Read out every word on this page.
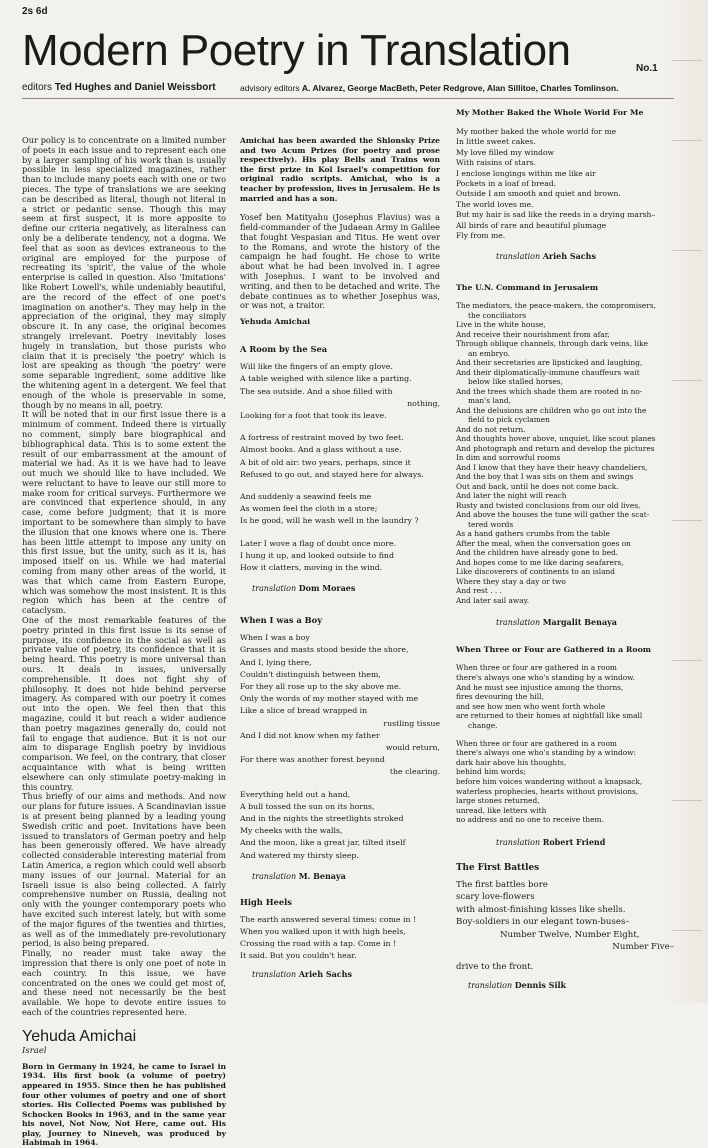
2s 6d
Modern Poetry in Translation	No.1
editors Ted Hughes and Daniel Weissbort	advisory editors A. Alvarez, George MacBeth, Peter Redgrove, Alan Sillitoe, Charles Tomlinson.

Our policy is to concentrate on a limited number of poets in each issue and to represent each one by a larger sampling of his work than is usually possible in less specialized magazines, rather than to include many poets each with one or two pieces. The type of translations we are seeking can be described as literal, though not literal in a strict or pedantic sense. Though this may seem at first suspect, it is more apposite to define our criteria negatively, as literalness can only be a deliberate tendency, not a dogma. We feel that as soon as devices extraneous to the original are employed for the purpose of recreating its 'spirit', the value of the whole enterprise is called in question. Also 'Imitations' like Robert Lowell's, while undeniably beautiful, are the record of the effect of one poet's imagination on another's. They may help in the appreciation of the original, they may simply obscure it. In any case, the original becomes strangely irrelevant. Poetry inevitably loses hugely in translation, but those purists who claim that it is precisely 'the poetry' which is lost are speaking as though 'the poetry' were some separable ingredient, some additive like the whitening agent in a detergent. We feel that enough of the whole is preservable in some, though by no means in all, poetry.

It will be noted that in our first issue there is a minimum of comment. Indeed there is virtually no comment, simply bare biographical and bibliographical data. This is to some extent the result of our embarrassment at the amount of material we had. As it is we have had to leave out much we should like to have included. We were reluctant to have to leave our still more to make room for critical surveys. Furthermore we are convinced that experience should, in any case, come before judgment; that it is more important to be somewhere than simply to have the illusion that one knows where one is. There has been little attempt to impose any unity on this first issue, but the unity, such as it is, has imposed itself on us. While we had material coming from many other areas of the world, it was that which came from Eastern Europe, which was somehow the most insistent. It is this region which has been at the centre of cataclysm.

One of the most remarkable features of the poetry printed in this first issue is its sense of purpose, its confidence in the social as well as private value of poetry, its confidence that it is being heard. This poetry is more universal than ours. It deals in issues, universally comprehensible. It does not fight shy of philosophy. It does not hide behind perverse imagery. As compared with our poetry it comes out into the open. We feel then that this magazine, could it but reach a wider audience than poetry magazines generally do, could not fail to engage that audience. But it is not our aim to disparage English poetry by invidious comparison. We feel, on the contrary, that closer acquaintance with what is being written elsewhere can only stimulate poetry-making in this country.

Thus briefly of our aims and methods. And now our plans for future issues. A Scandinavian issue is at present being planned by a leading young Swedish critic and poet. Invitations have been issued to translators of German poetry and help has been generously offered. We have already collected considerable interesting material from Latin America, a region which could well absorb many issues of our journal. Material for an Israeli issue is also being collected. A fairly comprehensive number on Russia, dealing not only with the younger contemporary poets who have excited such interest lately, but with some of the major figures of the twenties and thirties, as well as of the immediately pre-revolutionary period, is also being prepared.

Finally, no reader must take away the impression that there is only one poet of note in each country. In this issue, we have concentrated on the ones we could get most of, and these need not necessarily be the best available. We hope to devote entire issues to each of the countries represented here.

Yehuda Amichai

Israel

Born in Germany in 1924, he came to Israel in 1934. His first book (a volume of poetry) appeared in 1955. Since then he has published four other volumes of poetry and one of short stories. His Collected Poems was published by Schocken Books in 1963, and in the same year his novel, Not Now, Not Here, came out. His play, Journey to Nineveh, was produced by Habimah in 1964.

Amichai has been awarded the Shlonsky Prize and two Acum Prizes (for poetry and prose respectively). His play Bells and Trains won the first prize in Kol Israel's competition for original radio scripts. Amichai, who is a teacher by profession, lives in Jerusalem. He is married and has a son.

Yosef ben Matityahu (Josephus Flavius) was a field-commander of the Judaean Army in Galilee that fought Vespasian and Titus. He went over to the Romans, and wrote the history of the campaign he had fought. He chose to write about what he had been involved in. I agree with Josephus. I want to be involved and writing, and then to be detached and write. The debate continues as to whether Josephus was, or was not, a traitor.

Yehuda Amichai

A Room by the Sea

Will like the fingers of an empty glove.
A table weighed with silence like a parting.
The sea outside. And a shoe filled with
nothing,
Looking for a foot that took its leave.
A fortress of restraint moved by two feet.
Almost books. And a glass without a use.
A bit of old air: two years, perhaps, since it
Refused to go out, and stayed here for always.
And suddenly a seawind feels me
As women feel the cloth in a store;
Is he good, will he wash well in the laundry ?
Later I wove a flag of doubt once more.
I hung it up, and looked outside to find
How it clatters, moving in the wind.

translation Dom Moraes

When I was a Boy

When I was a boy
Grasses and masts stood beside the shore,
And I, lying there,
Couldn't distinguish between them,
For they all rose up to the sky above me.
Only the words of my mother stayed with me
Like a slice of bread wrapped in
rustling tissue
And I did not know when my father
would return,
For there was another forest beyond
the clearing.
Everything held out a hand,
A bull tossed the sun on its horns,
And in the nights the streetlights stroked
My cheeks with the walls,
And the moon, like a great jar, tilted itself
And watered my thirsty sleep.

translation M. Benaya

High Heels

The earth answered several times: come in !
When you walked upon it with high heels,
Crossing the road with a tap. Come in !
It said. But you couldn't hear.

translation Arieh Sachs

My Mother Baked the Whole World For Me

My mother baked the whole world for me
In little sweet cakes.
My love filled my window
With raisins of stars.
I enclose longings within me like air
Pockets in a loaf of bread.
Outside I am smooth and quiet and brown.
The world loves me.
But my hair is sad like the reeds in a drying marsh–
All birds of rare and beautiful plumage
Fly from me.

translation Arieh Sachs

The U.N. Command in Jerusalem

The mediators, the peace-makers, the compromisers,
the conciliators
Live in the white house,
And receive their nourishment from afar,
Through oblique channels, through dark veins, like
an embryo.
And their secretaries are lipsticked and laughing,
And their diplomatically-immune chauffeurs wait
below like stalled horses,
And the trees which shade them are rooted in no-
man's land,
And the delusions are children who go out into the
field to pick cyclamen
And do not return.
And thoughts hover above, unquiet, like scout planes
And photograph and return and develop the pictures
In dim and sorrowful rooms
And I know that they have their heavy chandeliers,
And the boy that I was sits on them and swings
Out and back, until he does not come back.
And later the night will reach
Rusty and twisted conclusions from our old lives,
And above the houses the tune will gather the scat-
tered words
As a hand gathers crumbs from the table
After the meal, when the conversation goes on
And the children have already gone to bed.
And hopes come to me like daring seafarers,
Like discoverers of continents to an island
Where they stay a day or two
And rest . . .
And later sail away.

translation Margalit Benaya

When Three or Four are Gathered in a Room

When three or four are gathered in a room
there's always one who's standing by a window.
And he must see injustice among the thorns,
fires devouring the hill,
and see how men who went forth whole
are returned to their homes at nightfall like small
change.
When three or four are gathered in a room
there's always one who's standing by a window:
dark hair above his thoughts,
behind him words;
before him voices wandering without a knapsack,
waterless prophecies, hearts without provisions,
large stones returned,
unread, like letters with
no address and no one to receive them.

translation Robert Friend

The First Battles

The first battles bore
scary love-flowers
with almost-finishing kisses like shells.
Boy-soldiers in our elegant town-buses–
Number Twelve, Number Eight,
Number Five–
drive to the front.

translation Dennis Silk
